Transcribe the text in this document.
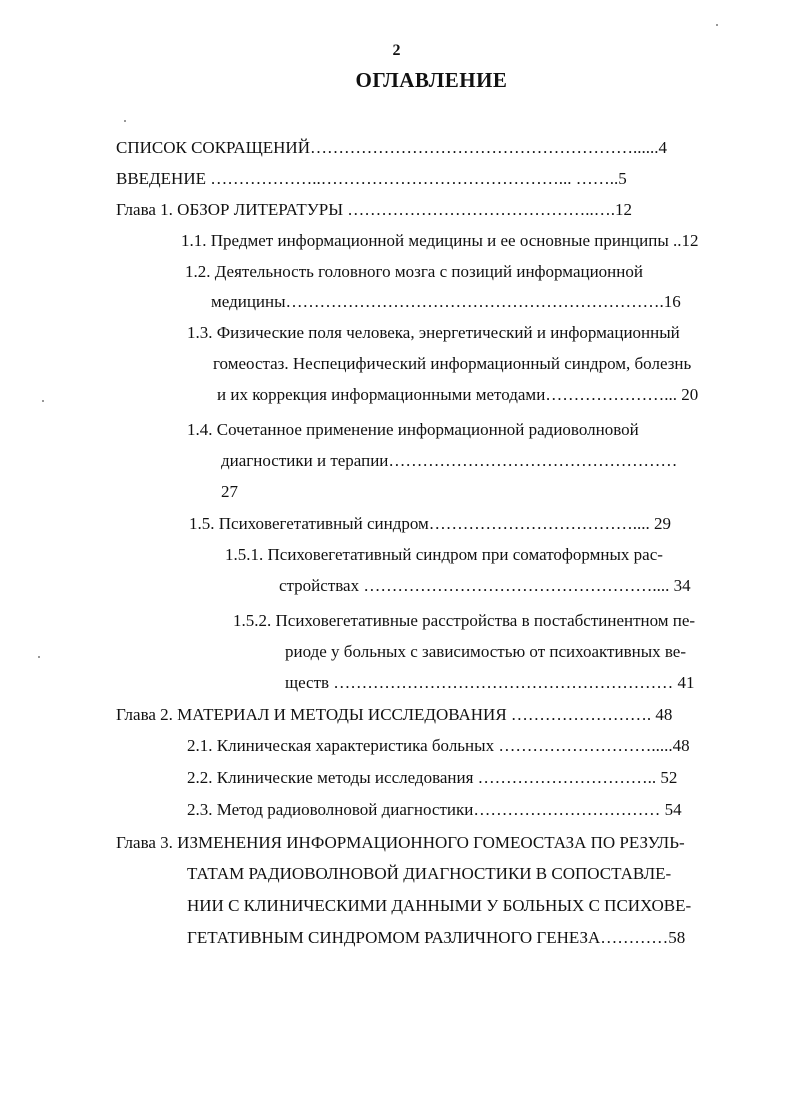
2
ОГЛАВЛЕНИЕ
СПИСОК СОКРАЩЕНИЙ…………………………………………………......4
ВВЕДЕНИЕ ………………..……………………………………... ……..5
Глава 1. ОБЗОР ЛИТЕРАТУРЫ ……………………………………..….12
1.1. Предмет информационной медицины и ее основные принципы ..12
1.2. Деятельность головного мозга с позиций информационной
медицины………………………………………………………….16
1.3. Физические поля человека, энергетический и информационный
гомеостаз. Неспецифический информационный синдром, болезнь
и их коррекция информационными методами…………………... 20
1.4. Сочетанное применение информационной радиоволновой
диагностики и терапии……………………………………………
27
1.5. Психовегетативный синдром……………………………….... 29
1.5.1. Психовегетативный синдром при соматоформных рас-
стройствах …………………………………………….... 34
1.5.2. Психовегетативные расстройства в постабстинентном пе-
риоде у больных с зависимостью от психоактивных ве-
ществ …………………………………………………… 41
Глава 2. МАТЕРИАЛ И МЕТОДЫ ИССЛЕДОВАНИЯ ……………………. 48
2.1. Клиническая характеристика больных ……………………….....48
2.2. Клинические методы исследования ………………………….. 52
2.3. Метод радиоволновой диагностики…………………………… 54
Глава 3. ИЗМЕНЕНИЯ ИНФОРМАЦИОННОГО ГОМЕОСТАЗА ПО РЕЗУЛЬ-
ТАТАМ РАДИОВОЛНОВОЙ ДИАГНОСТИКИ В СОПОСТАВЛЕ-
НИИ С КЛИНИЧЕСКИМИ ДАННЫМИ У БОЛЬНЫХ С ПСИХОВЕ-
ГЕТАТИВНЫМ СИНДРОМОМ РАЗЛИЧНОГО ГЕНЕЗА…………58
